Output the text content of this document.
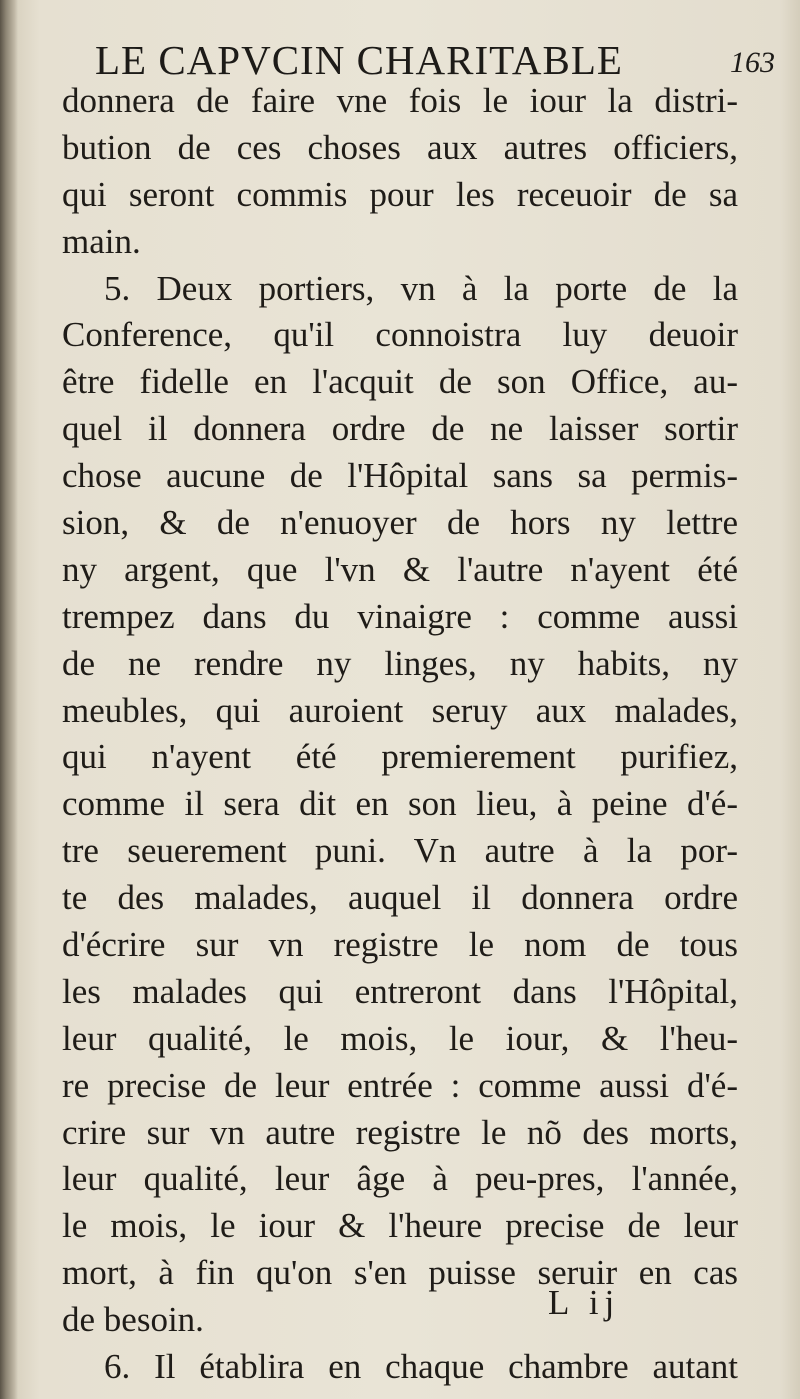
LE CAPVCIN CHARITABLE	163
donnera de faire vne fois le iour la distri-
bution de ces choses aux autres officiers,
qui seront commis pour les receuoir de sa
main.
5. Deux portiers, vn à la porte de la
Conference, qu'il connoistra luy deuoir
être fidelle en l'acquit de son Office, au-
quel il donnera ordre de ne laisser sortir
chose aucune de l'Hôpital sans sa permis-
sion, & de n'enuoyer de hors ny lettre
ny argent, que l'vn & l'autre n'ayent été
trempez dans du vinaigre : comme aussi
de ne rendre ny linges, ny habits, ny
meubles, qui auroient seruy aux malades,
qui n'ayent été premierement purifiez,
comme il sera dit en son lieu, à peine d'é-
tre seuerement puni. Vn autre à la por-
te des malades, auquel il donnera ordre
d'écrire sur vn registre le nom de tous
les malades qui entreront dans l'Hôpital,
leur qualité, le mois, le iour, & l'heu-
re precise de leur entrée : comme aussi d'é-
crire sur vn autre registre le nõ des morts,
leur qualité, leur âge à peu-pres, l'année,
le mois, le iour & l'heure precise de leur
mort, à fin qu'on s'en puisse seruir en cas
de besoin.
6. Il établira en chaque chambre autant
L ij
